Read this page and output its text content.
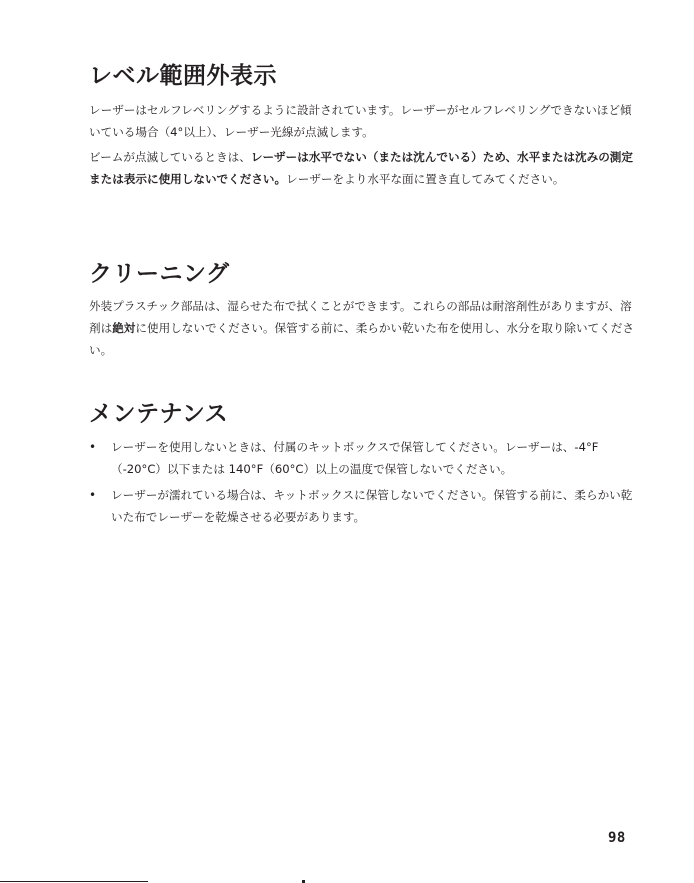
レベル範囲外表示

レーザーはセルフレベリングするように設計されています。レーザーがセルフレベリングできないほど傾いている場合（4°以上）、レーザー光線が点滅します。

ビームが点滅しているときは、レーザーは水平でない（または沈んでいる）ため、水平または沈みの測定または表示に使用しないでください。レーザーをより水平な面に置き直してみてください。

クリーニング

外装プラスチック部品は、湿らせた布で拭くことができます。これらの部品は耐溶剤性がありますが、溶剤は絶対に使用しないでください。保管する前に、柔らかい乾いた布を使用し、水分を取り除いてください。

メンテナンス
• レーザーを使用しないときは、付属のキットボックスで保管してください。レーザーは、-4°F（-20°C）以下または 140°F（60°C）以上の温度で保管しないでください。
• レーザーが濡れている場合は、キットボックスに保管しないでください。保管する前に、柔らかい乾いた布でレーザーを乾燥させる必要があります。
98
